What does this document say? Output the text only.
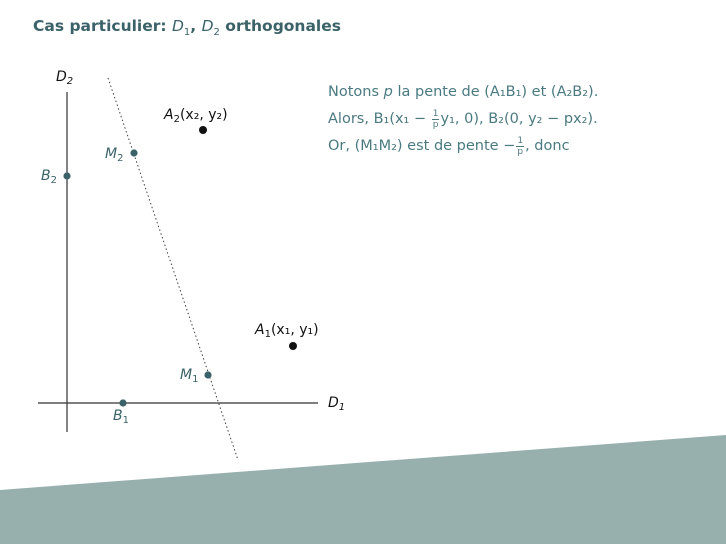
Cas particulier: $D_1$, $D_2$ orthogonales
$D_2$
$D_1$
$A_2(x_2$, y₂)
$A_1(x_1$, y₁)
$M_2$
$M_1$
$B_2$
$B_1$
Notons p la pente de (A₁B₁) et (A₂B₂).
Alors, $B_1(x_1 - \frac{1}{p} y_1$, 0), B₂(0, y₂ − px₂).
Or, (M₁M₂) est de pente − $\frac{1}{p}$ , donc
